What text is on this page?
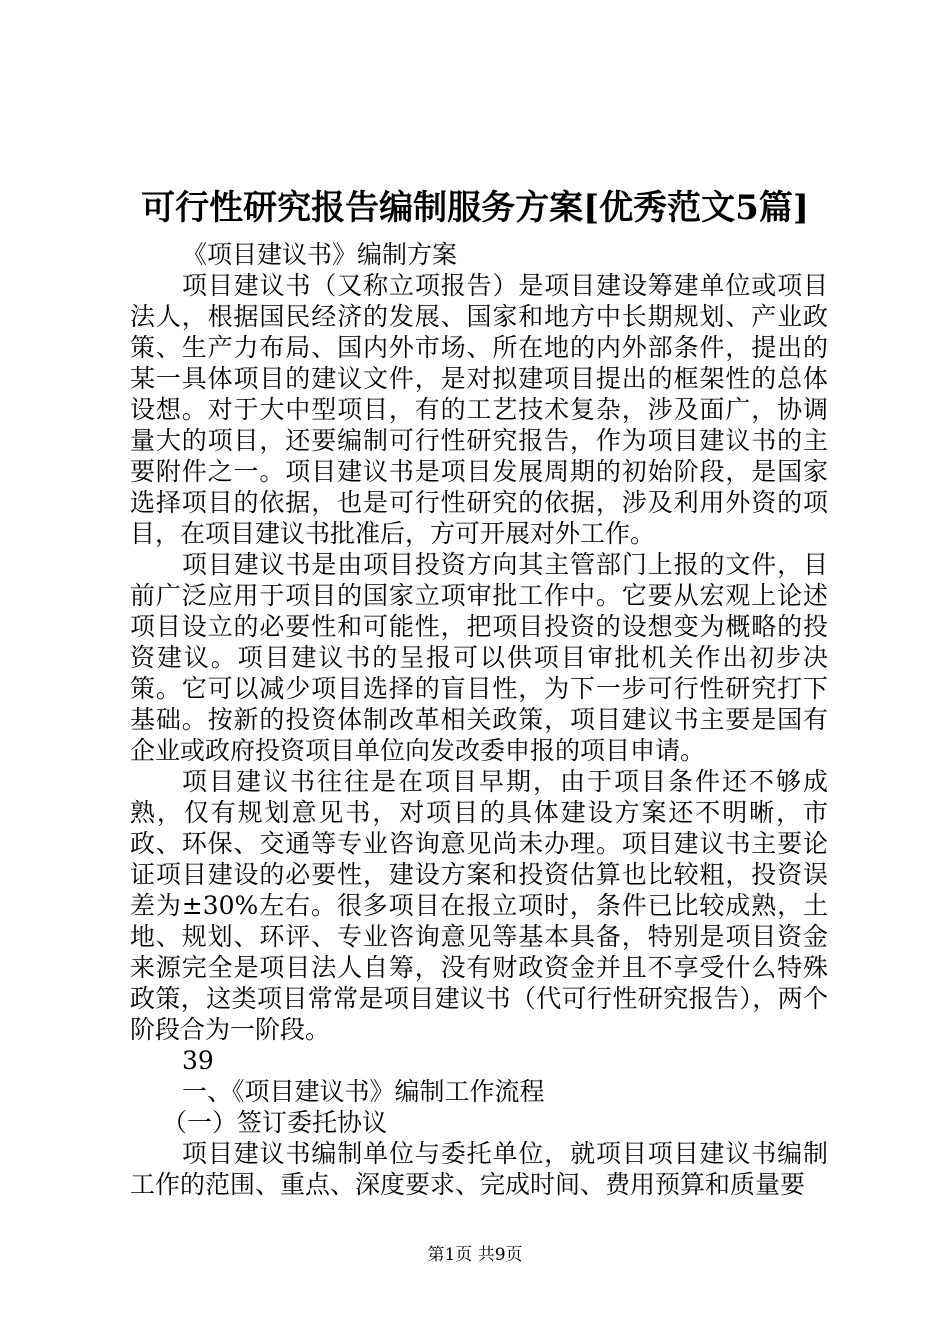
可行性研究报告编制服务方案[优秀范文5篇]

《项目建议书》编制方案

项目建议书（又称立项报告）是项目建设筹建单位或项目法人，根据国民经济的发展、国家和地方中长期规划、产业政策、生产力布局、国内外市场、所在地的内外部条件，提出的某一具体项目的建议文件，是对拟建项目提出的框架性的总体设想。对于大中型项目，有的工艺技术复杂，涉及面广，协调量大的项目，还要编制可行性研究报告，作为项目建议书的主要附件之一。项目建议书是项目发展周期的初始阶段，是国家选择项目的依据，也是可行性研究的依据，涉及利用外资的项目，在项目建议书批准后，方可开展对外工作。

项目建议书是由项目投资方向其主管部门上报的文件，目前广泛应用于项目的国家立项审批工作中。它要从宏观上论述项目设立的必要性和可能性，把项目投资的设想变为概略的投资建议。项目建议书的呈报可以供项目审批机关作出初步决策。它可以减少项目选择的盲目性，为下一步可行性研究打下基础。按新的投资体制改革相关政策，项目建议书主要是国有企业或政府投资项目单位向发改委申报的项目申请。

项目建议书往往是在项目早期，由于项目条件还不够成熟，仅有规划意见书，对项目的具体建设方案还不明晰，市政、环保、交通等专业咨询意见尚未办理。项目建议书主要论证项目建设的必要性，建设方案和投资估算也比较粗，投资误差为±30%左右。很多项目在报立项时，条件已比较成熟，土地、规划、环评、专业咨询意见等基本具备，特别是项目资金来源完全是项目法人自筹，没有财政资金并且不享受什么特殊政策，这类项目常常是项目建议书（代可行性研究报告），两个阶段合为一阶段。

39

一、《项目建议书》编制工作流程

（一）签订委托协议

项目建议书编制单位与委托单位，就项目项目建议书编制工作的范围、重点、深度要求、完成时间、费用预算和质量要

第1页 共9页
